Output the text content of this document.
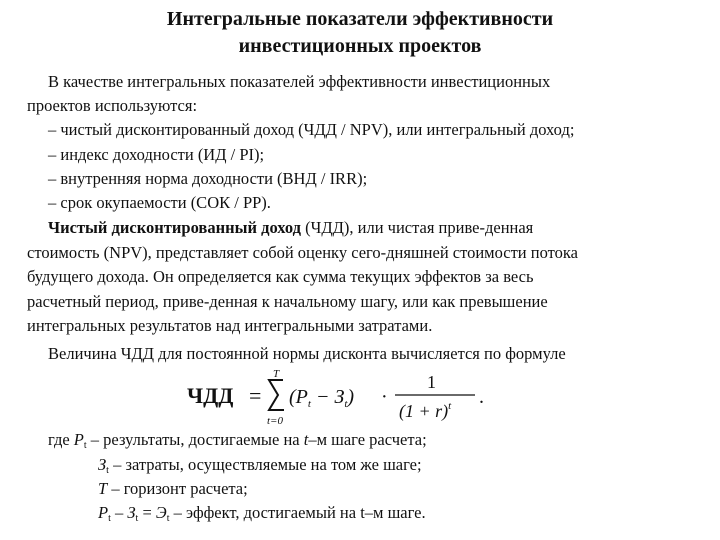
Интегральные показатели эффективности
инвестиционных проектов
В качестве интегральных показателей эффективности инвестиционных
проектов используются:
– чистый дисконтированный доход (ЧДД / NPV), или интегральный доход;
– индекс доходности (ИД / PI);
– внутренняя норма доходности (ВНД / IRR);
– срок окупаемости (СОК / PP).
Чистый дисконтированный доход (ЧДД), или чистая приве-денная
стоимость (NPV), представляет собой оценку сего-дняшней стоимости потока
будущего дохода. Он определяется как сумма текущих эффектов за весь
расчетный период, приве-денная к начальному шагу, или как превышение
интегральных результатов над интегральными затратами.
Величина ЧДД для постоянной нормы дисконта вычисляется по формуле
ЧДД =
T
t=0
$(P_t - З_t)$ ·
1
$(1 + r)^t$ .
где $Р_t$ – результаты, достигаемые на t–м шаге расчета;
$З_t$ – затраты, осуществляемые на том же шаге;
T – горизонт расчета;
$Р_t - З_t = Э_t$ – эффект, достигаемый на t–м шаге.
